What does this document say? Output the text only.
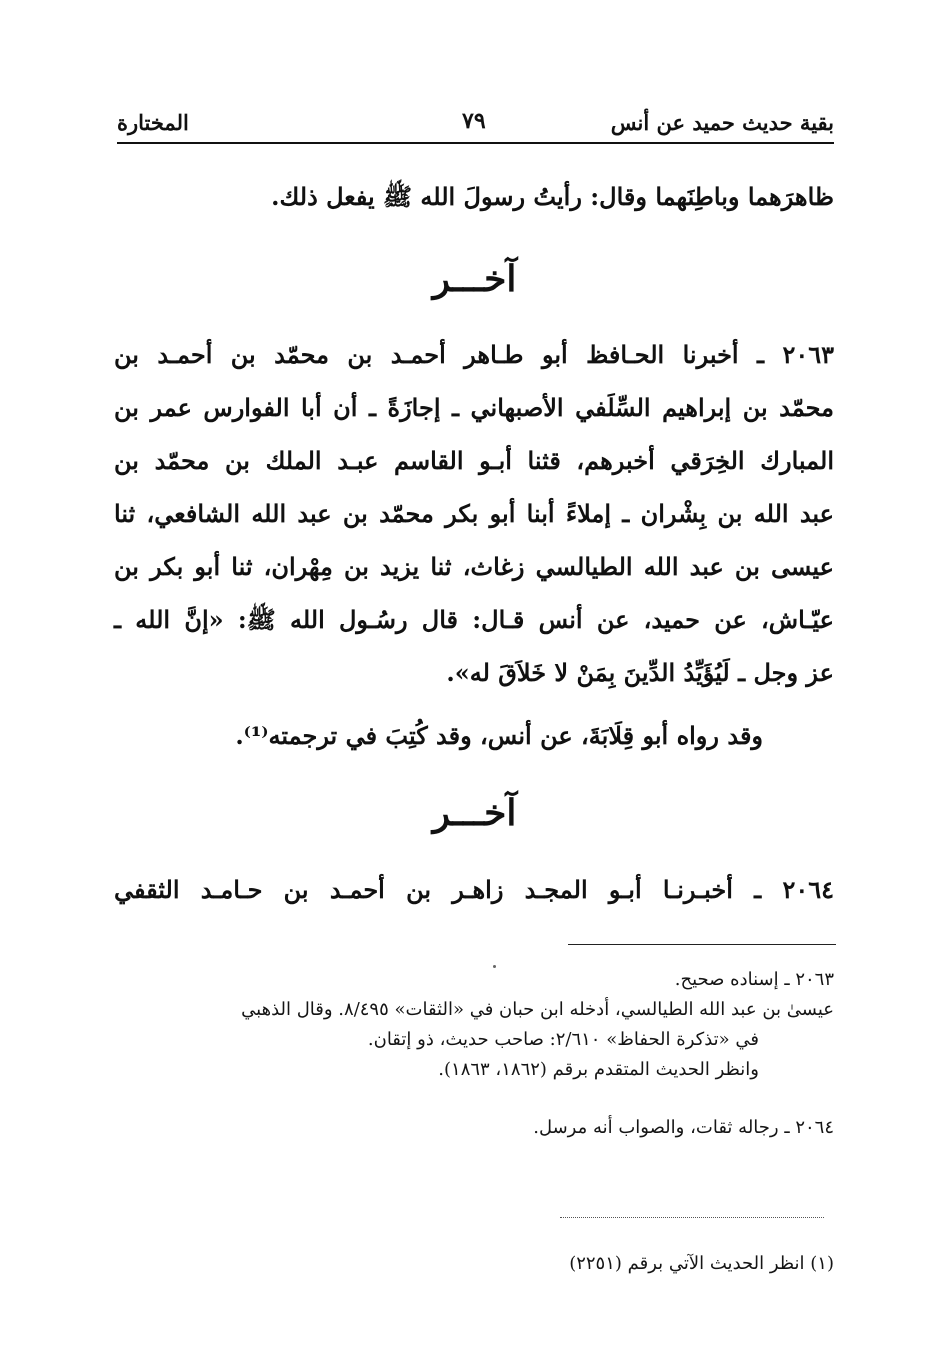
المختارة	٧٩	بقية حديث حميد عن أنس
ظاهرَهما وباطِنَهما وقال: رأيتُ رسولَ الله ﷺ يفعل ذلك.
آخـــر
٢٠٦٣ ـ أخبرنا الحـافظ أبو طـاهر أحمـد بن محمّد بن أحمـد بن
محمّد بن إبراهيم السِّلَفي الأصبهاني ـ إجازَةً ـ أن أبا الفوارس عمر بن
المبارك الخِرَقي أخبرهم، قثنا أبـو القاسم عبـد الملك بن محمّد بن
عبد الله بن بِشْران ـ إملاءً أبنا أبو بكر محمّد بن عبد الله الشافعي، ثنا
عيسى بن عبد الله الطيالسي زغاث، ثنا يزيد بن مِهْران، ثنا أبو بكر بن
عيّـاش، عن حميد، عن أنس قـال: قال رسُـول الله ﷺ: «إنَّ الله ـ
عز وجل ـ لَيُؤَيِّدُ الدِّينَ بِمَنْ لا خَلاَقَ له».
وقد رواه أبو قِلَابَةَ، عن أنس، وقد كُتِبَ في ترجمته⁽¹⁾.
آخـــر
٢٠٦٤ ـ أخبـرنـا أبـو المجـد زاهـر بن أحمـد بن حـامـد الثقفي
٢٠٦٣ ـ إسناده صحيح.
عيسىٰ بن عبد الله الطيالسي، أدخله ابن حبان في «الثقات» ٨/٤٩٥. وقال الذهبي
في «تذكرة الحفاظ» ٢/٦١٠: صاحب حديث، ذو إتقان.
وانظر الحديث المتقدم برقم (١٨٦٢، ١٨٦٣).
٢٠٦٤ ـ رجاله ثقات، والصواب أنه مرسل.
(١) انظر الحديث الآتي برقم (٢٢٥١)
